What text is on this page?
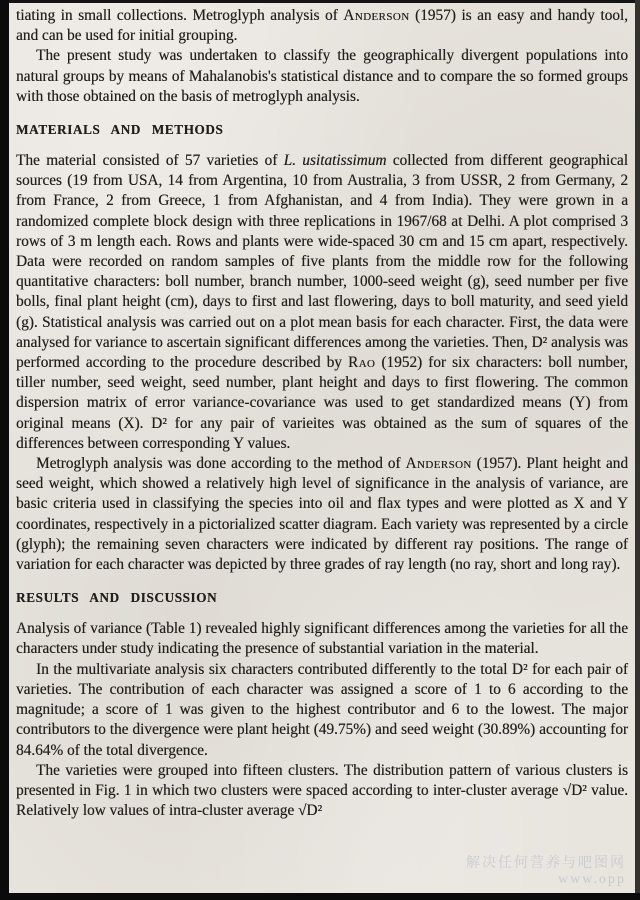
tiating in small collections. Metroglyph analysis of Anderson (1957) is an easy and handy tool, and can be used for initial grouping.

The present study was undertaken to classify the geographically divergent populations into natural groups by means of Mahalanobis's statistical distance and to compare the so formed groups with those obtained on the basis of metroglyph analysis.

MATERIALS AND METHODS

The material consisted of 57 varieties of L. usitatissimum collected from different geographical sources (19 from USA, 14 from Argentina, 10 from Australia, 3 from USSR, 2 from Germany, 2 from France, 2 from Greece, 1 from Afghanistan, and 4 from India). They were grown in a randomized complete block design with three replications in 1967/68 at Delhi. A plot comprised 3 rows of 3 m length each. Rows and plants were wide-spaced 30 cm and 15 cm apart, respectively. Data were recorded on random samples of five plants from the middle row for the following quantitative characters: boll number, branch number, 1000-seed weight (g), seed number per five bolls, final plant height (cm), days to first and last flowering, days to boll maturity, and seed yield (g). Statistical analysis was carried out on a plot mean basis for each character. First, the data were analysed for variance to ascertain significant differences among the varieties. Then, D² analysis was performed according to the procedure described by Rao (1952) for six characters: boll number, tiller number, seed weight, seed number, plant height and days to first flowering. The common dispersion matrix of error variance-covariance was used to get standardized means (Y) from original means (X). D² for any pair of varieites was obtained as the sum of squares of the differences between corresponding Y values.

Metroglyph analysis was done according to the method of Anderson (1957). Plant height and seed weight, which showed a relatively high level of significance in the analysis of variance, are basic criteria used in classifying the species into oil and flax types and were plotted as X and Y coordinates, respectively in a pictorialized scatter diagram. Each variety was represented by a circle (glyph); the remaining seven characters were indicated by different ray positions. The range of variation for each character was depicted by three grades of ray length (no ray, short and long ray).

RESULTS AND DISCUSSION

Analysis of variance (Table 1) revealed highly significant differences among the varieties for all the characters under study indicating the presence of substantial variation in the material.

In the multivariate analysis six characters contributed differently to the total D² for each pair of varieties. The contribution of each character was assigned a score of 1 to 6 according to the magnitude; a score of 1 was given to the highest contributor and 6 to the lowest. The major contributors to the divergence were plant height (49.75%) and seed weight (30.89%) accounting for 84.64% of the total divergence.

The varieties were grouped into fifteen clusters. The distribution pattern of various clusters is presented in Fig. 1 in which two clusters were spaced according to inter-cluster average √D² value. Relatively low values of intra-cluster average √D²

解决任何营养与吧图网
www.opp
